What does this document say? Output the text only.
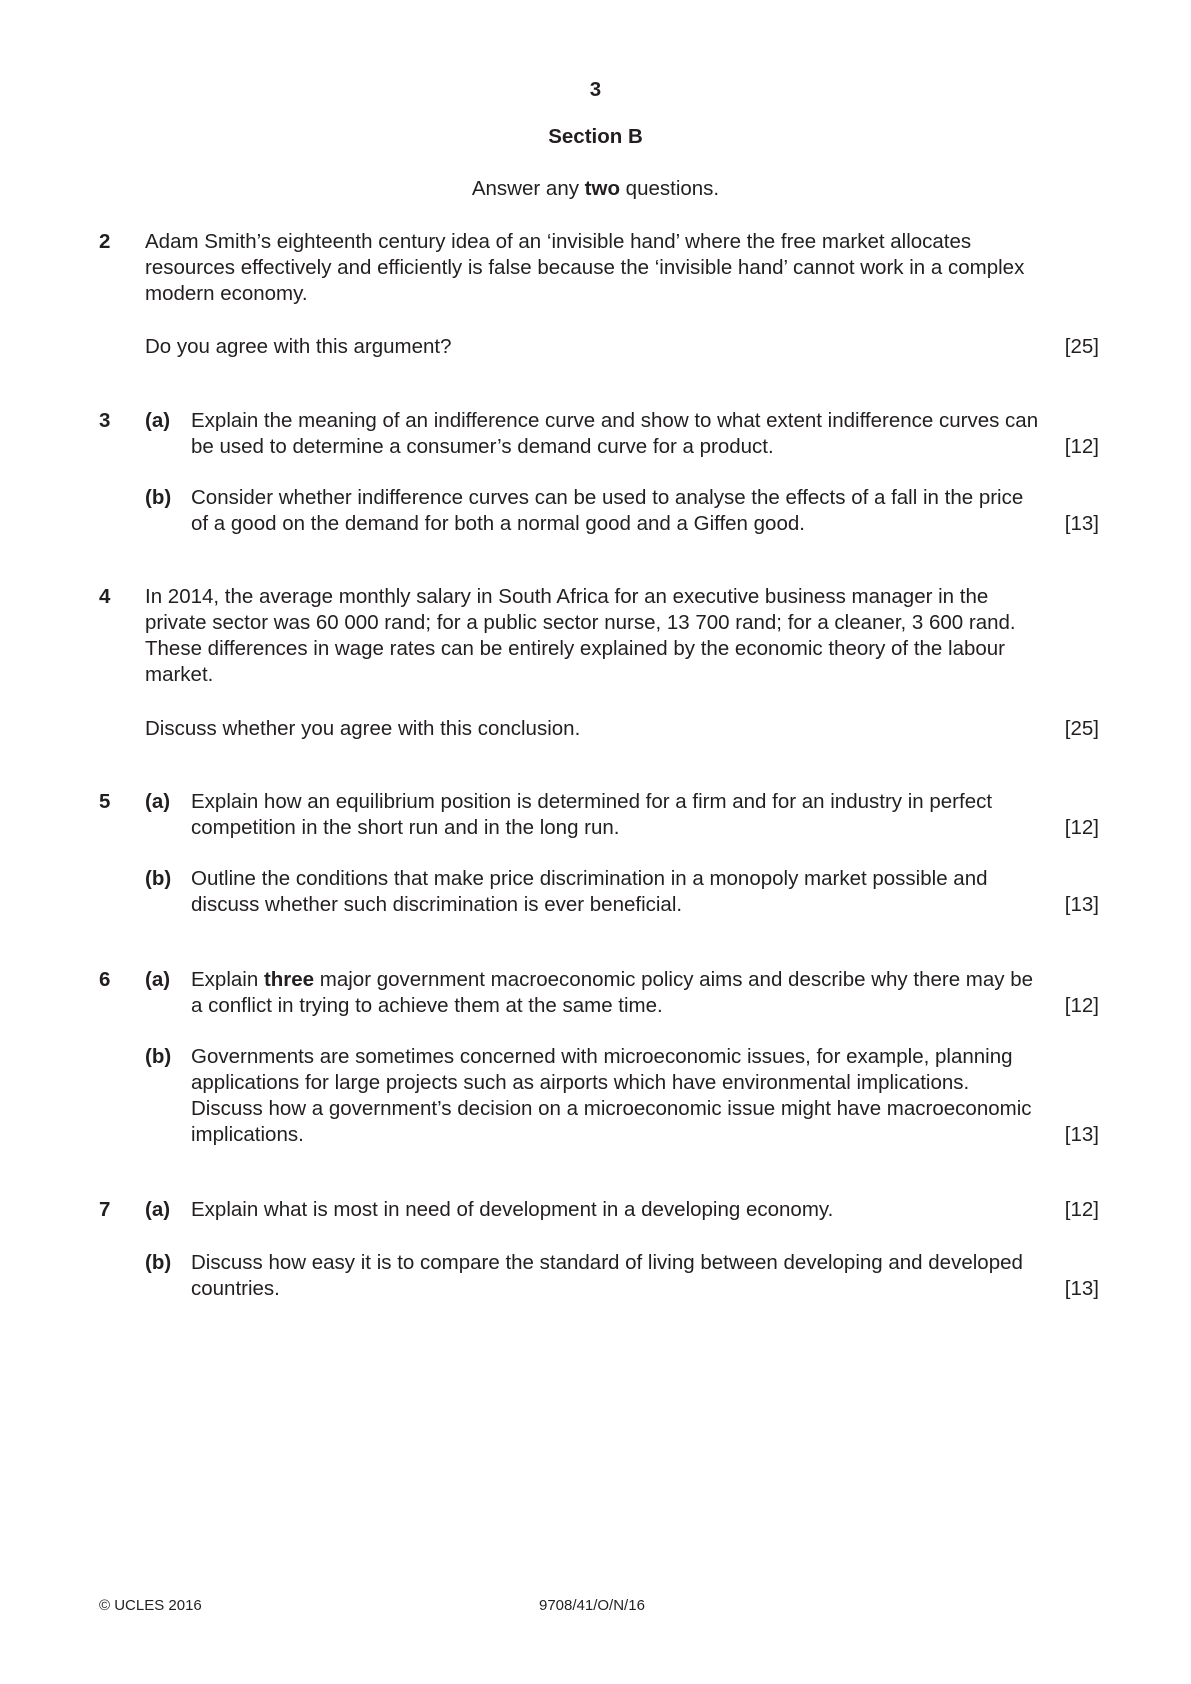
3
Section B
Answer any two questions.
2 Adam Smith’s eighteenth century idea of an ‘invisible hand’ where the free market allocates
resources effectively and efficiently is false because the ‘invisible hand’ cannot work in a complex
modern economy.
[25]
Do you agree with this argument?
3 (a) Explain the meaning of an indifference curve and show to what extent indifference curves can
[12]
be used to determine a consumer’s demand curve for a product.
(b) Consider whether indifference curves can be used to analyse the effects of a fall in the price
[13]
of a good on the demand for both a normal good and a Giffen good.
4 In 2014, the average monthly salary in South Africa for an executive business manager in the
private sector was 60 000 rand; for a public sector nurse, 13 700 rand; for a cleaner, 3 600 rand.
These differences in wage rates can be entirely explained by the economic theory of the labour
market.
[25]
Discuss whether you agree with this conclusion.
5 (a) Explain how an equilibrium position is determined for a firm and for an industry in perfect
[12]
competition in the short run and in the long run.
(b) Outline the conditions that make price discrimination in a monopoly market possible and
[13]
discuss whether such discrimination is ever beneficial.
6 (a) Explain three major government macroeconomic policy aims and describe why there may be
[12]
a conflict in trying to achieve them at the same time.
(b) Governments are sometimes concerned with microeconomic issues, for example, planning
applications for large projects such as airports which have environmental implications.
Discuss how a government’s decision on a microeconomic issue might have macroeconomic
[13]
implications.
7 (a)	[12]
Explain what is most in need of development in a developing economy.
(b) Discuss how easy it is to compare the standard of living between developing and developed
[13]
countries.
© UCLES 2016	9708/41/O/N/16
